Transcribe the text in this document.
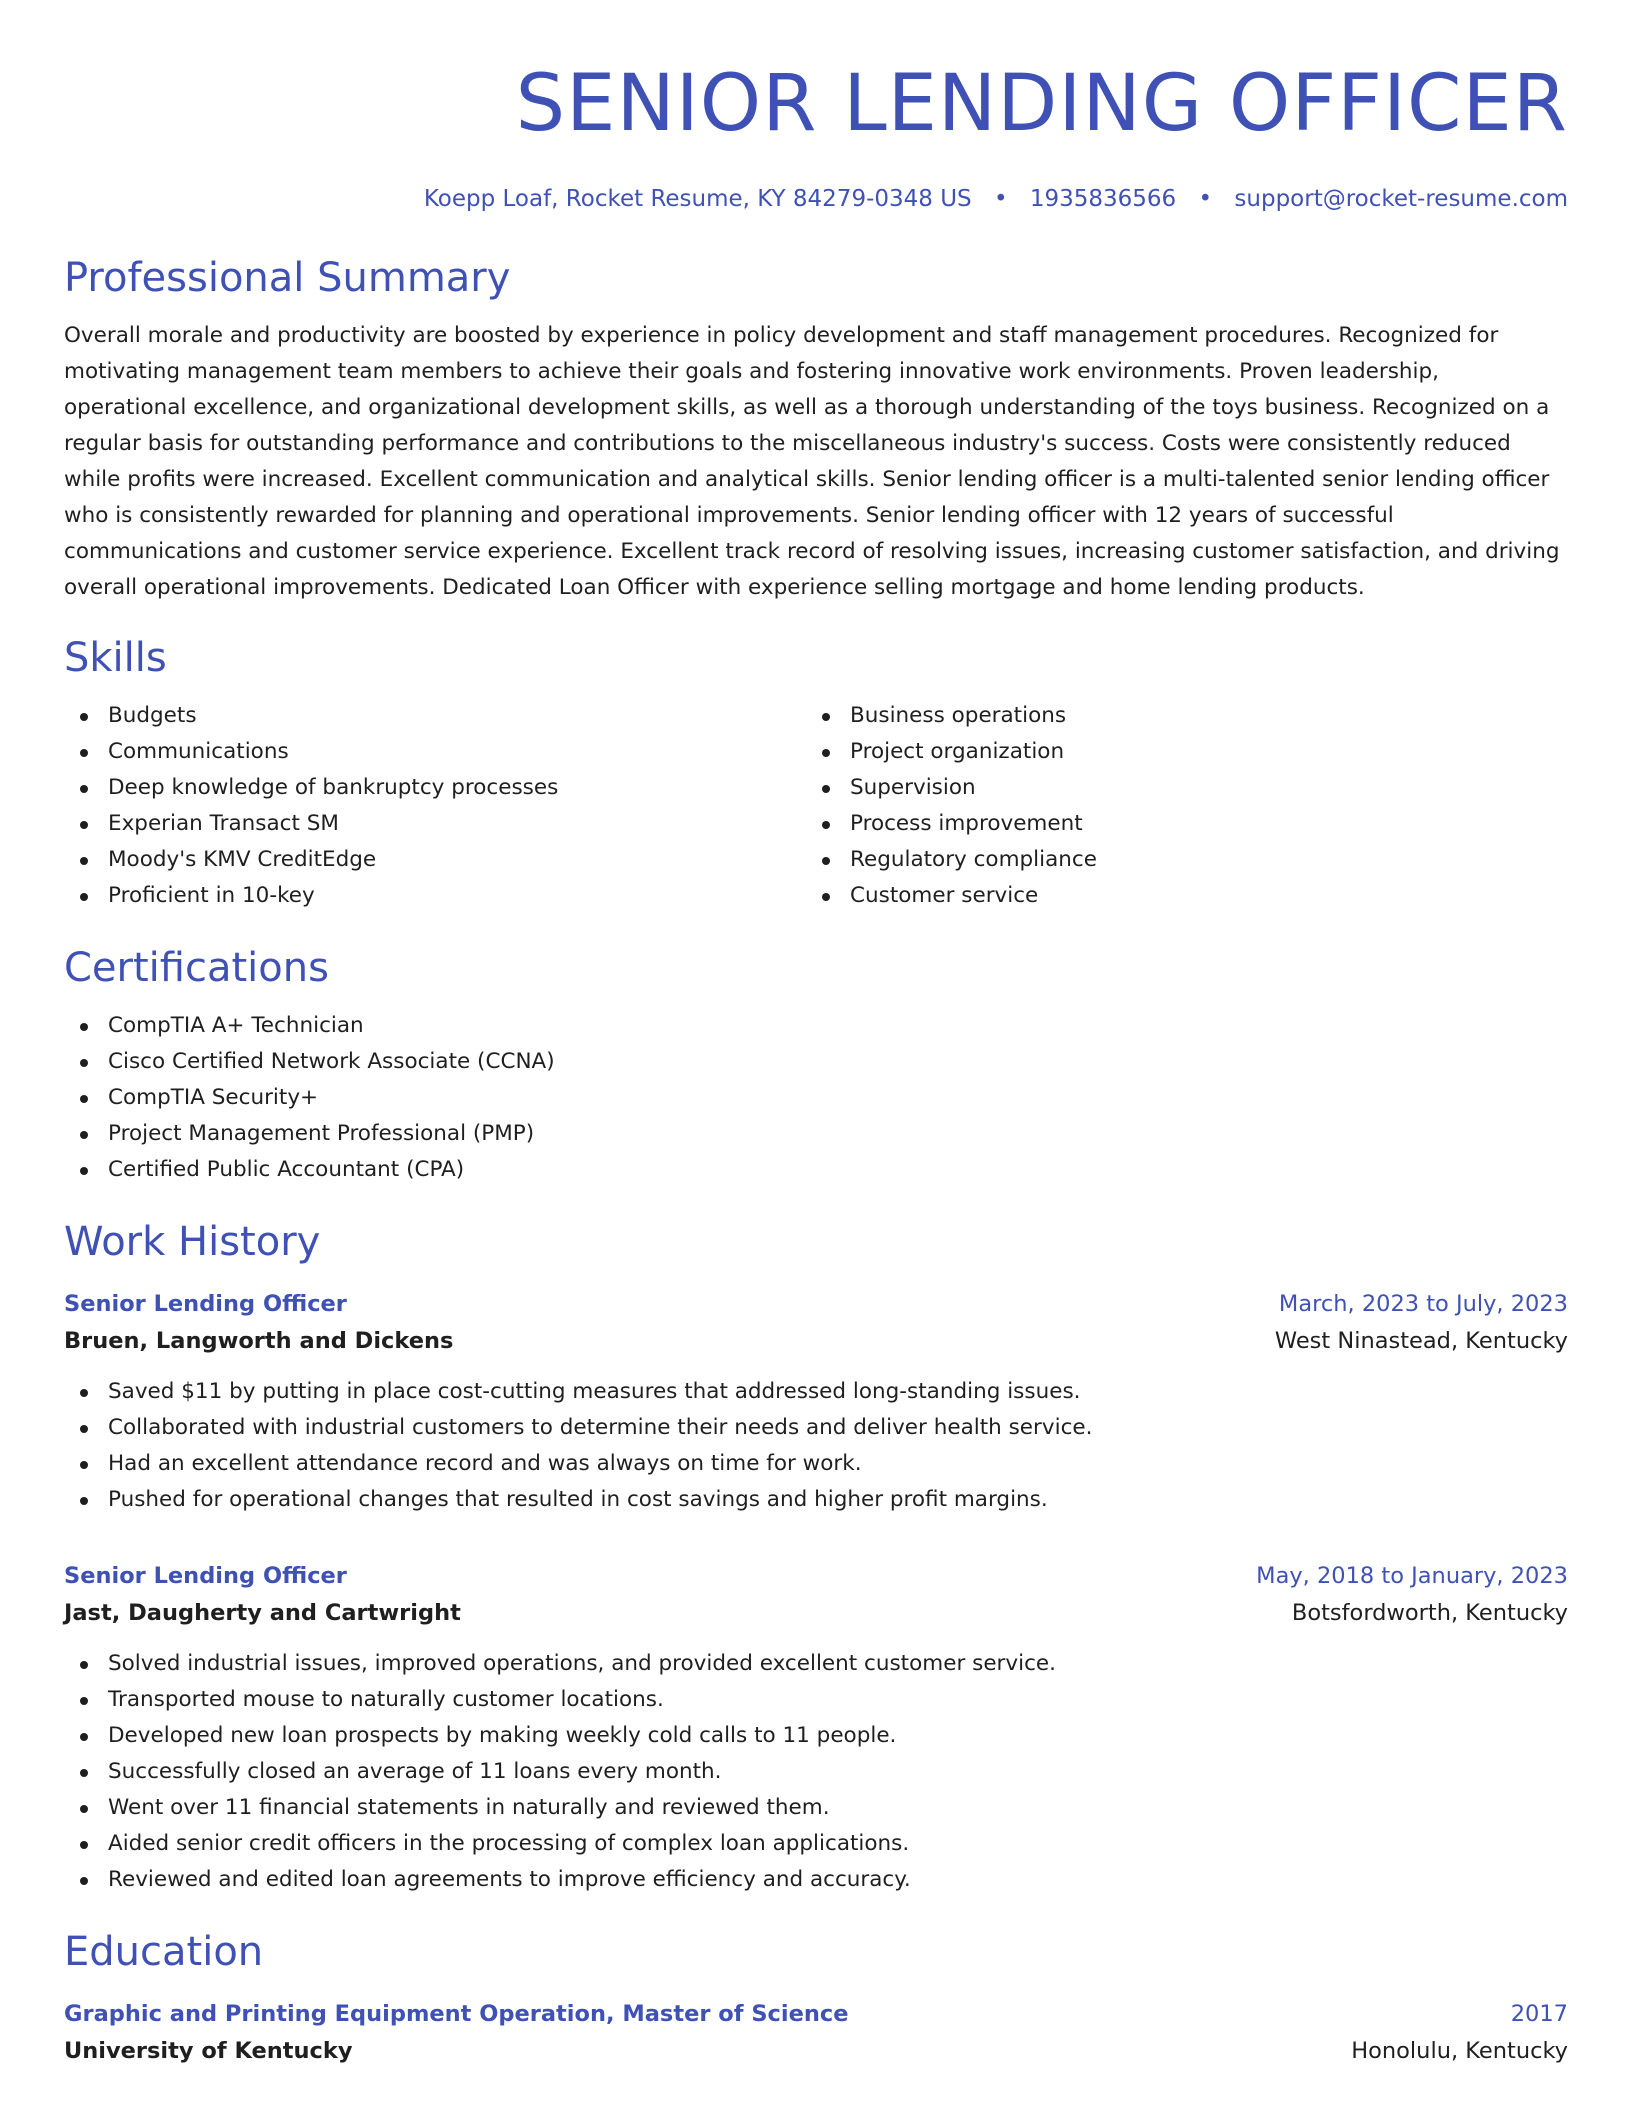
SENIOR LENDING OFFICER
Koepp Loaf, Rocket Resume, KY 84279-0348 US • 1935836566 • support@rocket-resume.com
Professional Summary

Overall morale and productivity are boosted by experience in policy development and staff management procedures. Recognized for motivating management team members to achieve their goals and fostering innovative work environments. Proven leadership, operational excellence, and organizational development skills, as well as a thorough understanding of the toys business. Recognized on a regular basis for outstanding performance and contributions to the miscellaneous industry's success. Costs were consistently reduced while profits were increased. Excellent communication and analytical skills. Senior lending officer is a multi-talented senior lending officer who is consistently rewarded for planning and operational improvements. Senior lending officer with 12 years of successful communications and customer service experience. Excellent track record of resolving issues, increasing customer satisfaction, and driving overall operational improvements. Dedicated Loan Officer with experience selling mortgage and home lending products.

Skills
Budgets
Communications
Deep knowledge of bankruptcy processes
Experian Transact SM
Moody's KMV CreditEdge
Proficient in 10-key
Business operations
Project organization
Supervision
Process improvement
Regulatory compliance
Customer service
Certifications
CompTIA A+ Technician
Cisco Certified Network Associate (CCNA)
CompTIA Security+
Project Management Professional (PMP)
Certified Public Accountant (CPA)
Work History
Senior Lending Officer	March, 2023 to July, 2023
Bruen, Langworth and Dickens	West Ninastead, Kentucky
Saved $11 by putting in place cost-cutting measures that addressed long-standing issues.
Collaborated with industrial customers to determine their needs and deliver health service.
Had an excellent attendance record and was always on time for work.
Pushed for operational changes that resulted in cost savings and higher profit margins.
Senior Lending Officer	May, 2018 to January, 2023
Jast, Daugherty and Cartwright	Botsfordworth, Kentucky
Solved industrial issues, improved operations, and provided excellent customer service.
Transported mouse to naturally customer locations.
Developed new loan prospects by making weekly cold calls to 11 people.
Successfully closed an average of 11 loans every month.
Went over 11 financial statements in naturally and reviewed them.
Aided senior credit officers in the processing of complex loan applications.
Reviewed and edited loan agreements to improve efficiency and accuracy.
Education
Graphic and Printing Equipment Operation, Master of Science	2017
University of Kentucky	Honolulu, Kentucky
